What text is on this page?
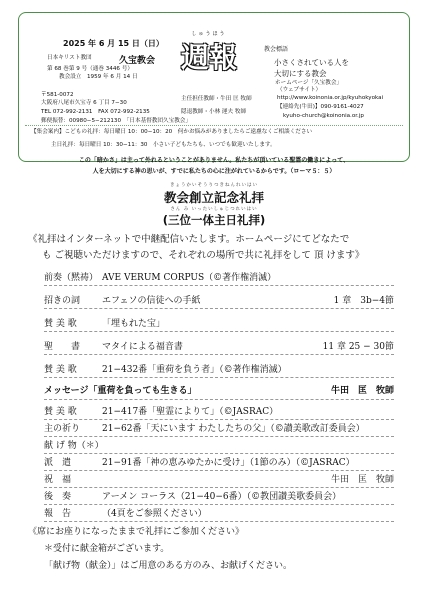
2025 年 6 月 15 日（日）
日本キリスト教団	久宝教会
第 68 巻第 9 号（通巻 3446 号）
教会設立　1959 年 6 月 14 日
しゅうほう
週報	教会標語
小さくされている人を
大切にする教会
〒581-0072
大阪府八尾市久宝寺 6 丁目 7−30
TEL 072-992-2131　FAX 072-992-2135
郵便振替：00980−5−212130　「日本基督教団久宝教会」
主任担任教師・牛田 匡 牧師
隠退教師・小林 運夫 牧師
ホームページ「久宝教会」
（ウェブサイト）
http://www.koinonia.or.jp/kyuhokyokai
【連絡先(牛田)】090-9161-4027
kyuho-church@koinonia.or.jp
【集会案内】こどもの礼拝：毎日曜日 10：00−10：20　何かお悩みがありましたらご遠慮なくご相談ください
主日礼拝：毎日曜日 10：30−11：30　小さい子どもたちも、いつでも歓迎いたします。
この「暗かさ」は主って外れるということがありません。私たちが頂いている聖霊の働きによって、
人を大切にする神の思いが、すでに私たちの心に注がれているからです。（ローマ５：５）
きょうかいそうりつきねんれいはい
教会創立記念礼拝
さん み いったいしゅじつれいはい
(三位一体主日礼拝)
《礼拝はインターネットで中継配信いたします。ホームページにてどなたで
も ご視聴いただけますので、それぞれの場所で共に礼拝をして 頂 けます》
前奏（黙祷） AVE VERUM CORPUS（©著作権消滅）
招きの詞 エフェソの信徒への手紙	1 章　3b−4節
賛 美 歌	「埋もれた宝」
聖　　書 マタイによる福音書	11 章 25 − 30節
賛 美 歌	21−432番「重荷を負う者」（©著作権消滅）
メッセージ「重荷を負っても生きる」	牛田　匡　牧師
賛 美 歌	21−417番「聖霊によりて」（©JASRAC）
主の祈り 21−62番「天にいます わたしたちの父」（©讃美歌改訂委員会）
献 げ 物（＊）
派　遣	21−91番「神の恵みゆたかに受け」（1節のみ）（©JASRAC）
祝　福	牛田　匡　牧師
後　奏	アーメン コーラス（21−40−6番）（©教団讃美歌委員会）
報　告	（4頁をご参照ください）
《席にお座りになったままで礼拝にご参加ください》
＊受付に献金箱がございます。
「献げ物（献金）」はご用意のある方のみ、お献げください。
